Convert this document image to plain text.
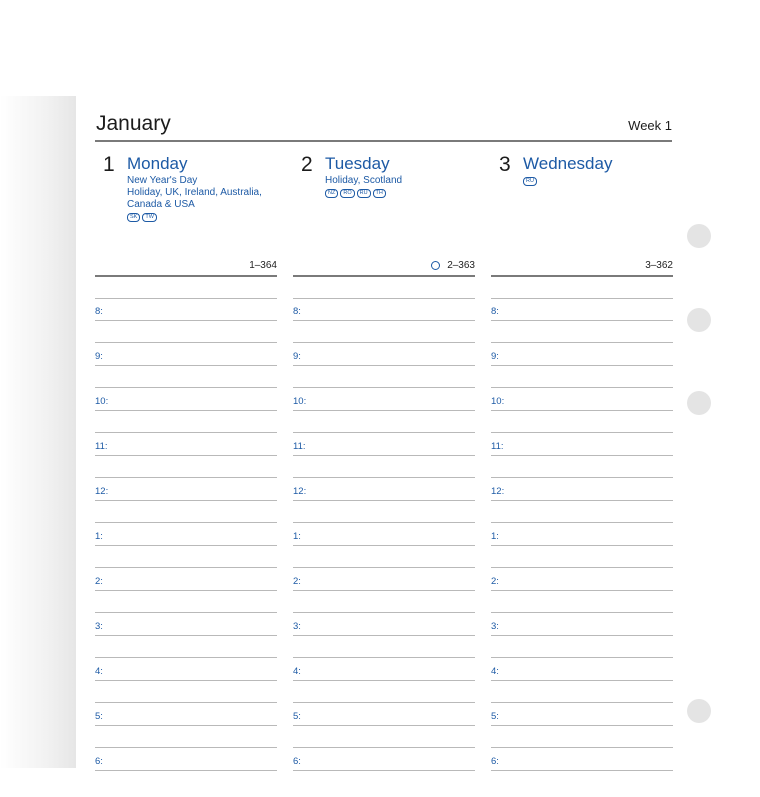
January	Week 1
1 Monday
New Year's Day
Holiday, UK, Ireland, Australia,
Canada & USA
SK TW
1–364
8:
9:
10:
11:
12:
1:
2:
3:
4:
5:
6:
2 Tuesday
Holiday, Scotland
NZ RO RU TH
2–363
8:
9:
10:
11:
12:
1:
2:
3:
4:
5:
6:
3 Wednesday
RU
3–362
8:
9:
10:
11:
12:
1:
2:
3:
4:
5:
6:
